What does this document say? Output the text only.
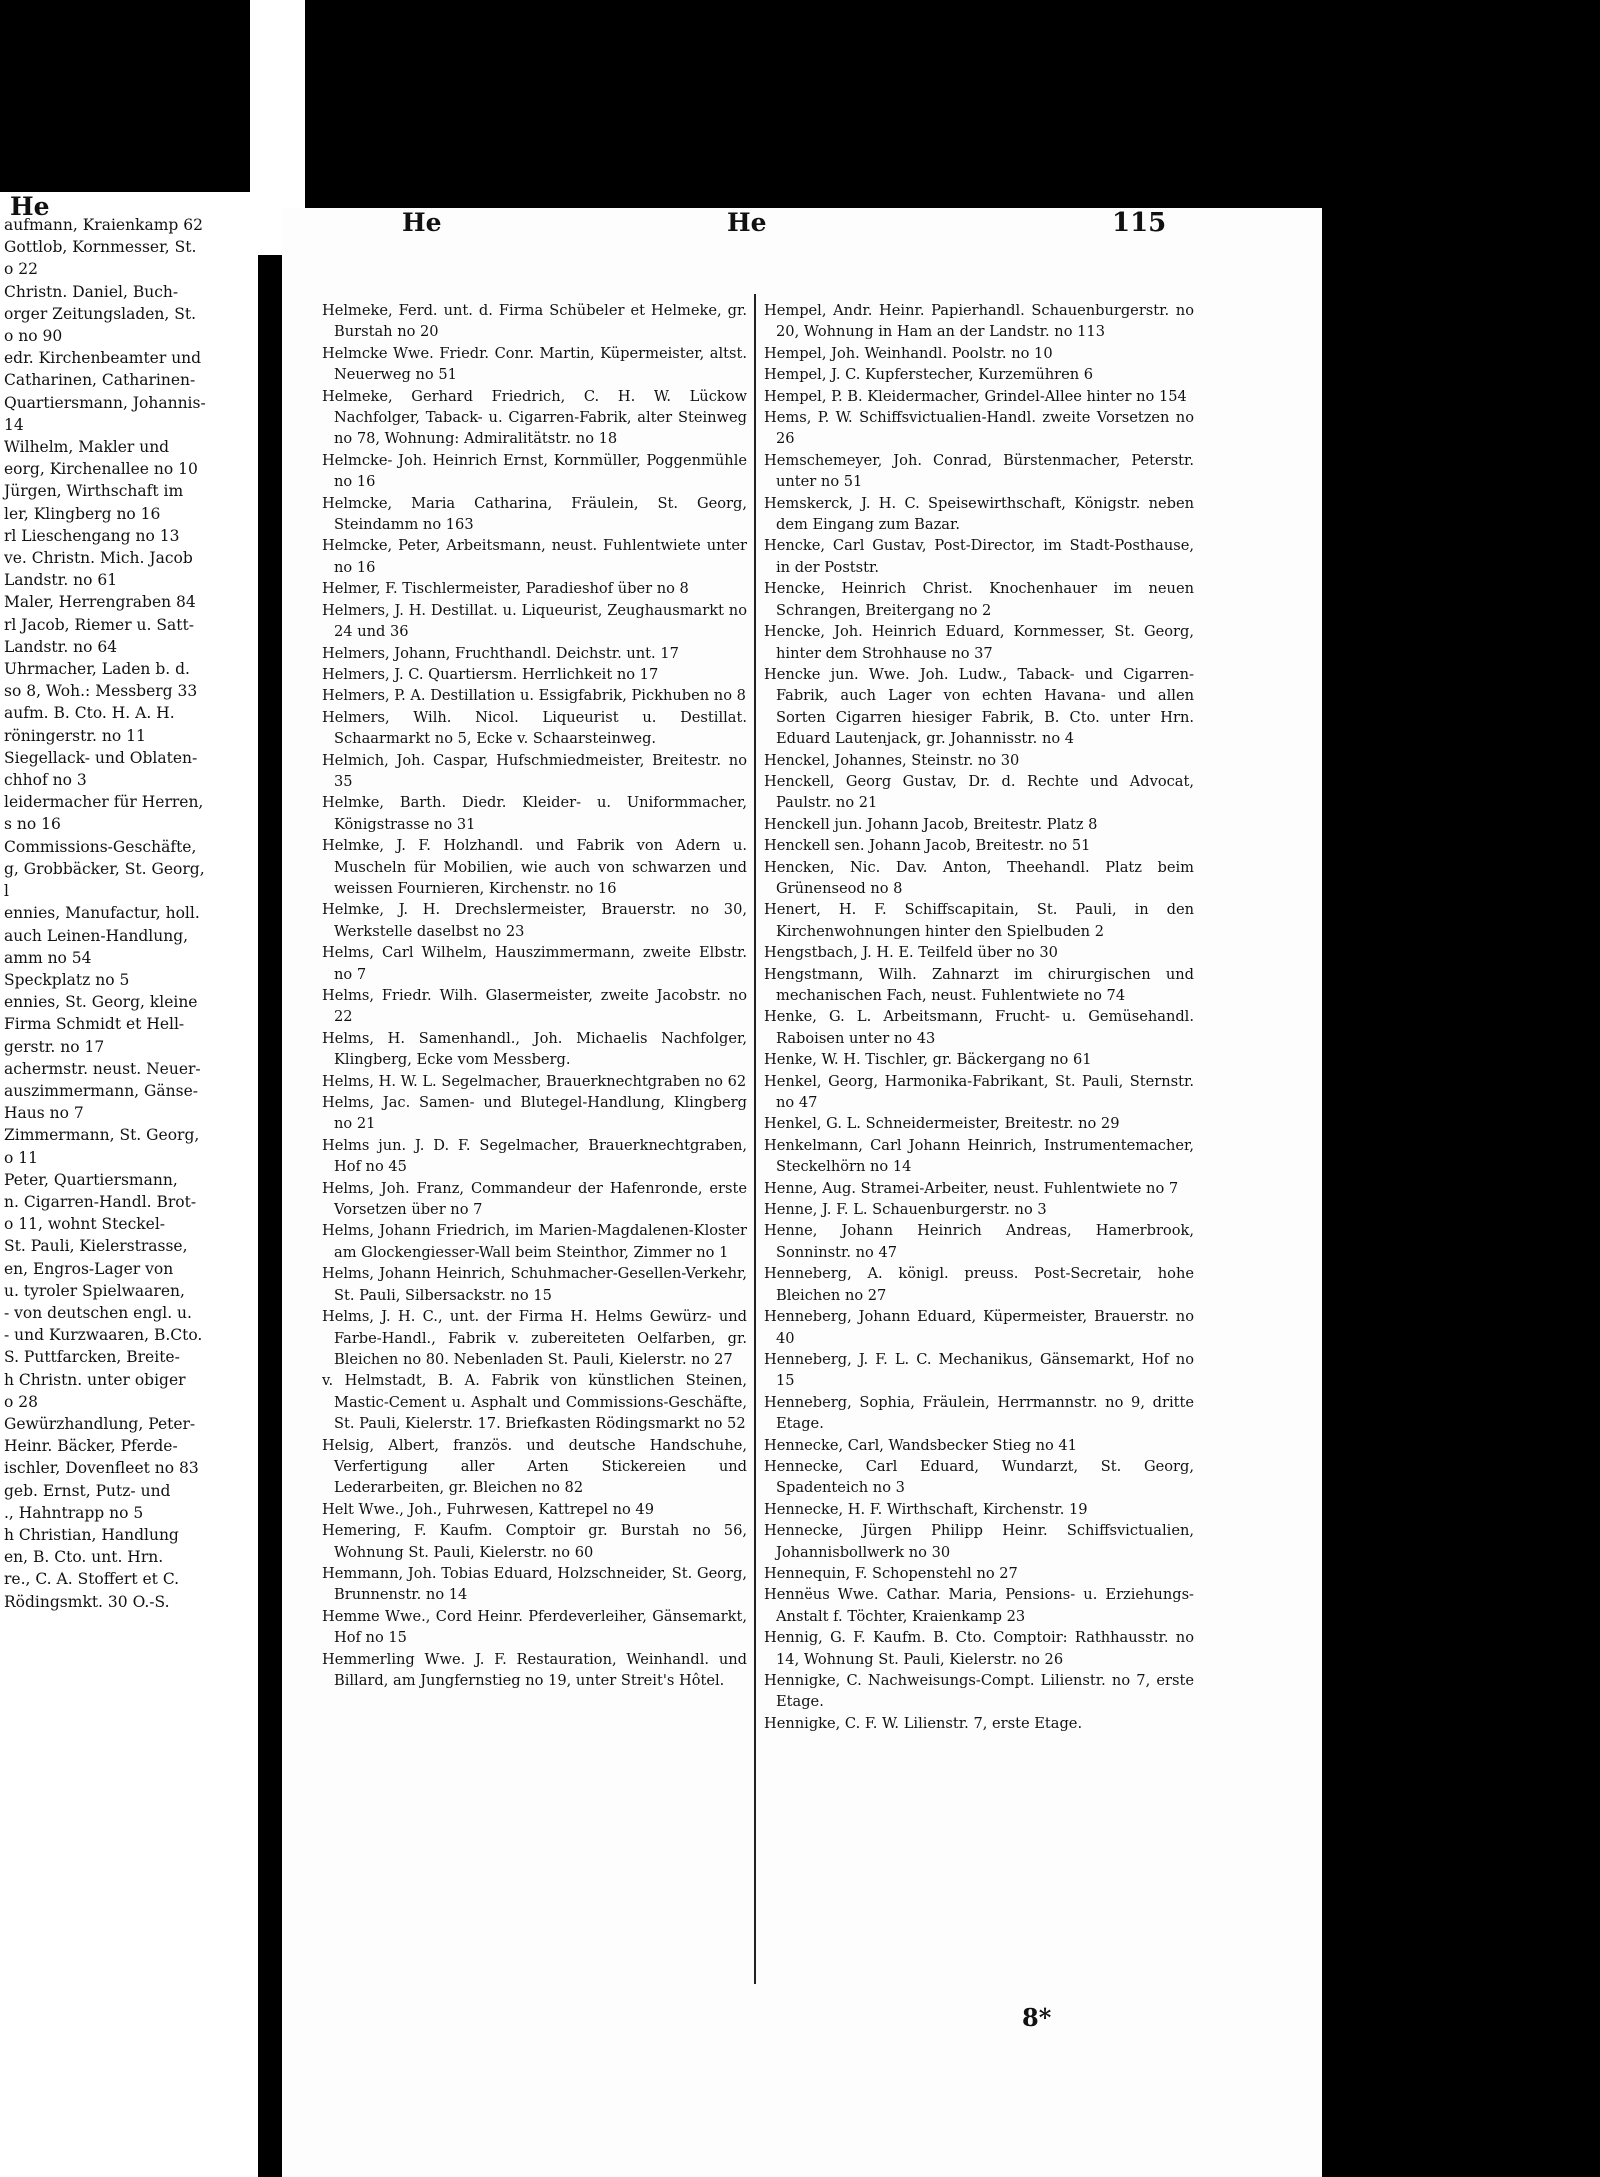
He
aufmann, Kraienkamp 62
Gottlob, Kornmesser, St.
o 22
Christn. Daniel, Buch-
orger Zeitungsladen, St.
o no 90
edr. Kirchenbeamter und
Catharinen, Catharinen-
Quartiersmann, Johannis-
14
Wilhelm, Makler und
eorg, Kirchenallee no 10
Jürgen, Wirthschaft im
ler, Klingberg no 16
rl Lieschengang no 13
ve. Christn. Mich. Jacob
Landstr. no 61
Maler, Herrengraben 84
rl Jacob, Riemer u. Satt-
Landstr. no 64
Uhrmacher, Laden b. d.
so 8, Woh.: Messberg 33
aufm. B. Cto. H. A. H.
röningerstr. no 11
Siegellack- und Oblaten-
chhof no 3
leidermacher für Herren,
s no 16
Commissions-Geschäfte,
g, Grobbäcker, St. Georg,
l
ennies, Manufactur, holl.
auch Leinen-Handlung,
amm no 54
Speckplatz no 5
ennies, St. Georg, kleine
Firma Schmidt et Hell-
gerstr. no 17
achermstr. neust. Neuer-
auszimmermann, Gänse-
Haus no 7
Zimmermann, St. Georg,
o 11
Peter, Quartiersmann,
n. Cigarren-Handl. Brot-
o 11, wohnt Steckel-
St. Pauli, Kielerstrasse,
en, Engros-Lager von
u. tyroler Spielwaaren,
- von deutschen engl. u.
- und Kurzwaaren, B.Cto.
S. Puttfarcken, Breite-
h Christn. unter obiger
o 28
Gewürzhandlung, Peter-
Heinr. Bäcker, Pferde-
ischler, Dovenfleet no 83
geb. Ernst, Putz- und
., Hahntrapp no 5
h Christian, Handlung
en, B. Cto. unt. Hrn.
re., C. A. Stoffert et C.
Rödingsmkt. 30 O.-S.
He	He	115

Helmeke, Ferd. unt. d. Firma Schübeler et Helmeke, gr. Burstah no 20

Helmcke Wwe. Friedr. Conr. Martin, Küpermeister, altst. Neuerweg no 51

Helmeke, Gerhard Friedrich, C. H. W. Lückow Nachfolger, Taback- u. Cigarren-Fabrik, alter Steinweg no 78, Wohnung: Admiralitätstr. no 18

Helmcke- Joh. Heinrich Ernst, Kornmüller, Poggenmühle no 16

Helmcke, Maria Catharina, Fräulein, St. Georg, Steindamm no 163

Helmcke, Peter, Arbeitsmann, neust. Fuhlentwiete unter no 16

Helmer, F. Tischlermeister, Paradieshof über no 8

Helmers, J. H. Destillat. u. Liqueurist, Zeughausmarkt no 24 und 36

Helmers, Johann, Fruchthandl. Deichstr. unt. 17

Helmers, J. C. Quartiersm. Herrlichkeit no 17

Helmers, P. A. Destillation u. Essigfabrik, Pickhuben no 8

Helmers, Wilh. Nicol. Liqueurist u. Destillat. Schaarmarkt no 5, Ecke v. Schaarsteinweg.

Helmich, Joh. Caspar, Hufschmiedmeister, Breitestr. no 35

Helmke, Barth. Diedr. Kleider- u. Uniformmacher, Königstrasse no 31

Helmke, J. F. Holzhandl. und Fabrik von Adern u. Muscheln für Mobilien, wie auch von schwarzen und weissen Fournieren, Kirchenstr. no 16

Helmke, J. H. Drechslermeister, Brauerstr. no 30, Werkstelle daselbst no 23

Helms, Carl Wilhelm, Hauszimmermann, zweite Elbstr. no 7

Helms, Friedr. Wilh. Glasermeister, zweite Jacobstr. no 22

Helms, H. Samenhandl., Joh. Michaelis Nachfolger, Klingberg, Ecke vom Messberg.

Helms, H. W. L. Segelmacher, Brauerknechtgraben no 62

Helms, Jac. Samen- und Blutegel-Handlung, Klingberg no 21

Helms jun. J. D. F. Segelmacher, Brauerknechtgraben, Hof no 45

Helms, Joh. Franz, Commandeur der Hafenronde, erste Vorsetzen über no 7

Helms, Johann Friedrich, im Marien-Magdalenen-Kloster am Glockengiesser-Wall beim Steinthor, Zimmer no 1

Helms, Johann Heinrich, Schuhmacher-Gesellen-Verkehr, St. Pauli, Silbersackstr. no 15

Helms, J. H. C., unt. der Firma H. Helms Gewürz- und Farbe-Handl., Fabrik v. zubereiteten Oelfarben, gr. Bleichen no 80. Nebenladen St. Pauli, Kielerstr. no 27

v. Helmstadt, B. A. Fabrik von künstlichen Steinen, Mastic-Cement u. Asphalt und Commissions-Geschäfte, St. Pauli, Kielerstr. 17. Briefkasten Rödingsmarkt no 52

Helsig, Albert, französ. und deutsche Handschuhe, Verfertigung aller Arten Stickereien und Lederarbeiten, gr. Bleichen no 82

Helt Wwe., Joh., Fuhrwesen, Kattrepel no 49

Hemering, F. Kaufm. Comptoir gr. Burstah no 56, Wohnung St. Pauli, Kielerstr. no 60

Hemmann, Joh. Tobias Eduard, Holzschneider, St. Georg, Brunnenstr. no 14

Hemme Wwe., Cord Heinr. Pferdeverleiher, Gänsemarkt, Hof no 15

Hemmerling Wwe. J. F. Restauration, Weinhandl. und Billard, am Jungfernstieg no 19, unter Streit's Hôtel.

Hempel, Andr. Heinr. Papierhandl. Schauenburgerstr. no 20, Wohnung in Ham an der Landstr. no 113

Hempel, Joh. Weinhandl. Poolstr. no 10

Hempel, J. C. Kupferstecher, Kurzemühren 6

Hempel, P. B. Kleidermacher, Grindel-Allee hinter no 154

Hems, P. W. Schiffsvictualien-Handl. zweite Vorsetzen no 26

Hemschemeyer, Joh. Conrad, Bürstenmacher, Peterstr. unter no 51

Hemskerck, J. H. C. Speisewirthschaft, Königstr. neben dem Eingang zum Bazar.

Hencke, Carl Gustav, Post-Director, im Stadt-Posthause, in der Poststr.

Hencke, Heinrich Christ. Knochenhauer im neuen Schrangen, Breitergang no 2

Hencke, Joh. Heinrich Eduard, Kornmesser, St. Georg, hinter dem Strohhause no 37

Hencke jun. Wwe. Joh. Ludw., Taback- und Cigarren-Fabrik, auch Lager von echten Havana- und allen Sorten Cigarren hiesiger Fabrik, B. Cto. unter Hrn. Eduard Lautenjack, gr. Johannisstr. no 4

Henckel, Johannes, Steinstr. no 30

Henckell, Georg Gustav, Dr. d. Rechte und Advocat, Paulstr. no 21

Henckell jun. Johann Jacob, Breitestr. Platz 8

Henckell sen. Johann Jacob, Breitestr. no 51

Hencken, Nic. Dav. Anton, Theehandl. Platz beim Grünenseod no 8

Henert, H. F. Schiffscapitain, St. Pauli, in den Kirchenwohnungen hinter den Spielbuden 2

Hengstbach, J. H. E. Teilfeld über no 30

Hengstmann, Wilh. Zahnarzt im chirurgischen und mechanischen Fach, neust. Fuhlentwiete no 74

Henke, G. L. Arbeitsmann, Frucht- u. Gemüsehandl. Raboisen unter no 43

Henke, W. H. Tischler, gr. Bäckergang no 61

Henkel, Georg, Harmonika-Fabrikant, St. Pauli, Sternstr. no 47

Henkel, G. L. Schneidermeister, Breitestr. no 29

Henkelmann, Carl Johann Heinrich, Instrumentemacher, Steckelhörn no 14

Henne, Aug. Stramei-Arbeiter, neust. Fuhlentwiete no 7

Henne, J. F. L. Schauenburgerstr. no 3

Henne, Johann Heinrich Andreas, Hamerbrook, Sonninstr. no 47

Henneberg, A. königl. preuss. Post-Secretair, hohe Bleichen no 27

Henneberg, Johann Eduard, Küpermeister, Brauerstr. no 40

Henneberg, J. F. L. C. Mechanikus, Gänsemarkt, Hof no 15

Henneberg, Sophia, Fräulein, Herrmannstr. no 9, dritte Etage.

Hennecke, Carl, Wandsbecker Stieg no 41

Hennecke, Carl Eduard, Wundarzt, St. Georg, Spadenteich no 3

Hennecke, H. F. Wirthschaft, Kirchenstr. 19

Hennecke, Jürgen Philipp Heinr. Schiffsvictualien, Johannisbollwerk no 30

Hennequin, F. Schopenstehl no 27

Hennëus Wwe. Cathar. Maria, Pensions- u. Erziehungs-Anstalt f. Töchter, Kraienkamp 23

Hennig, G. F. Kaufm. B. Cto. Comptoir: Rathhausstr. no 14, Wohnung St. Pauli, Kielerstr. no 26

Hennigke, C. Nachweisungs-Compt. Lilienstr. no 7, erste Etage.

Hennigke, C. F. W. Lilienstr. 7, erste Etage.

8*
